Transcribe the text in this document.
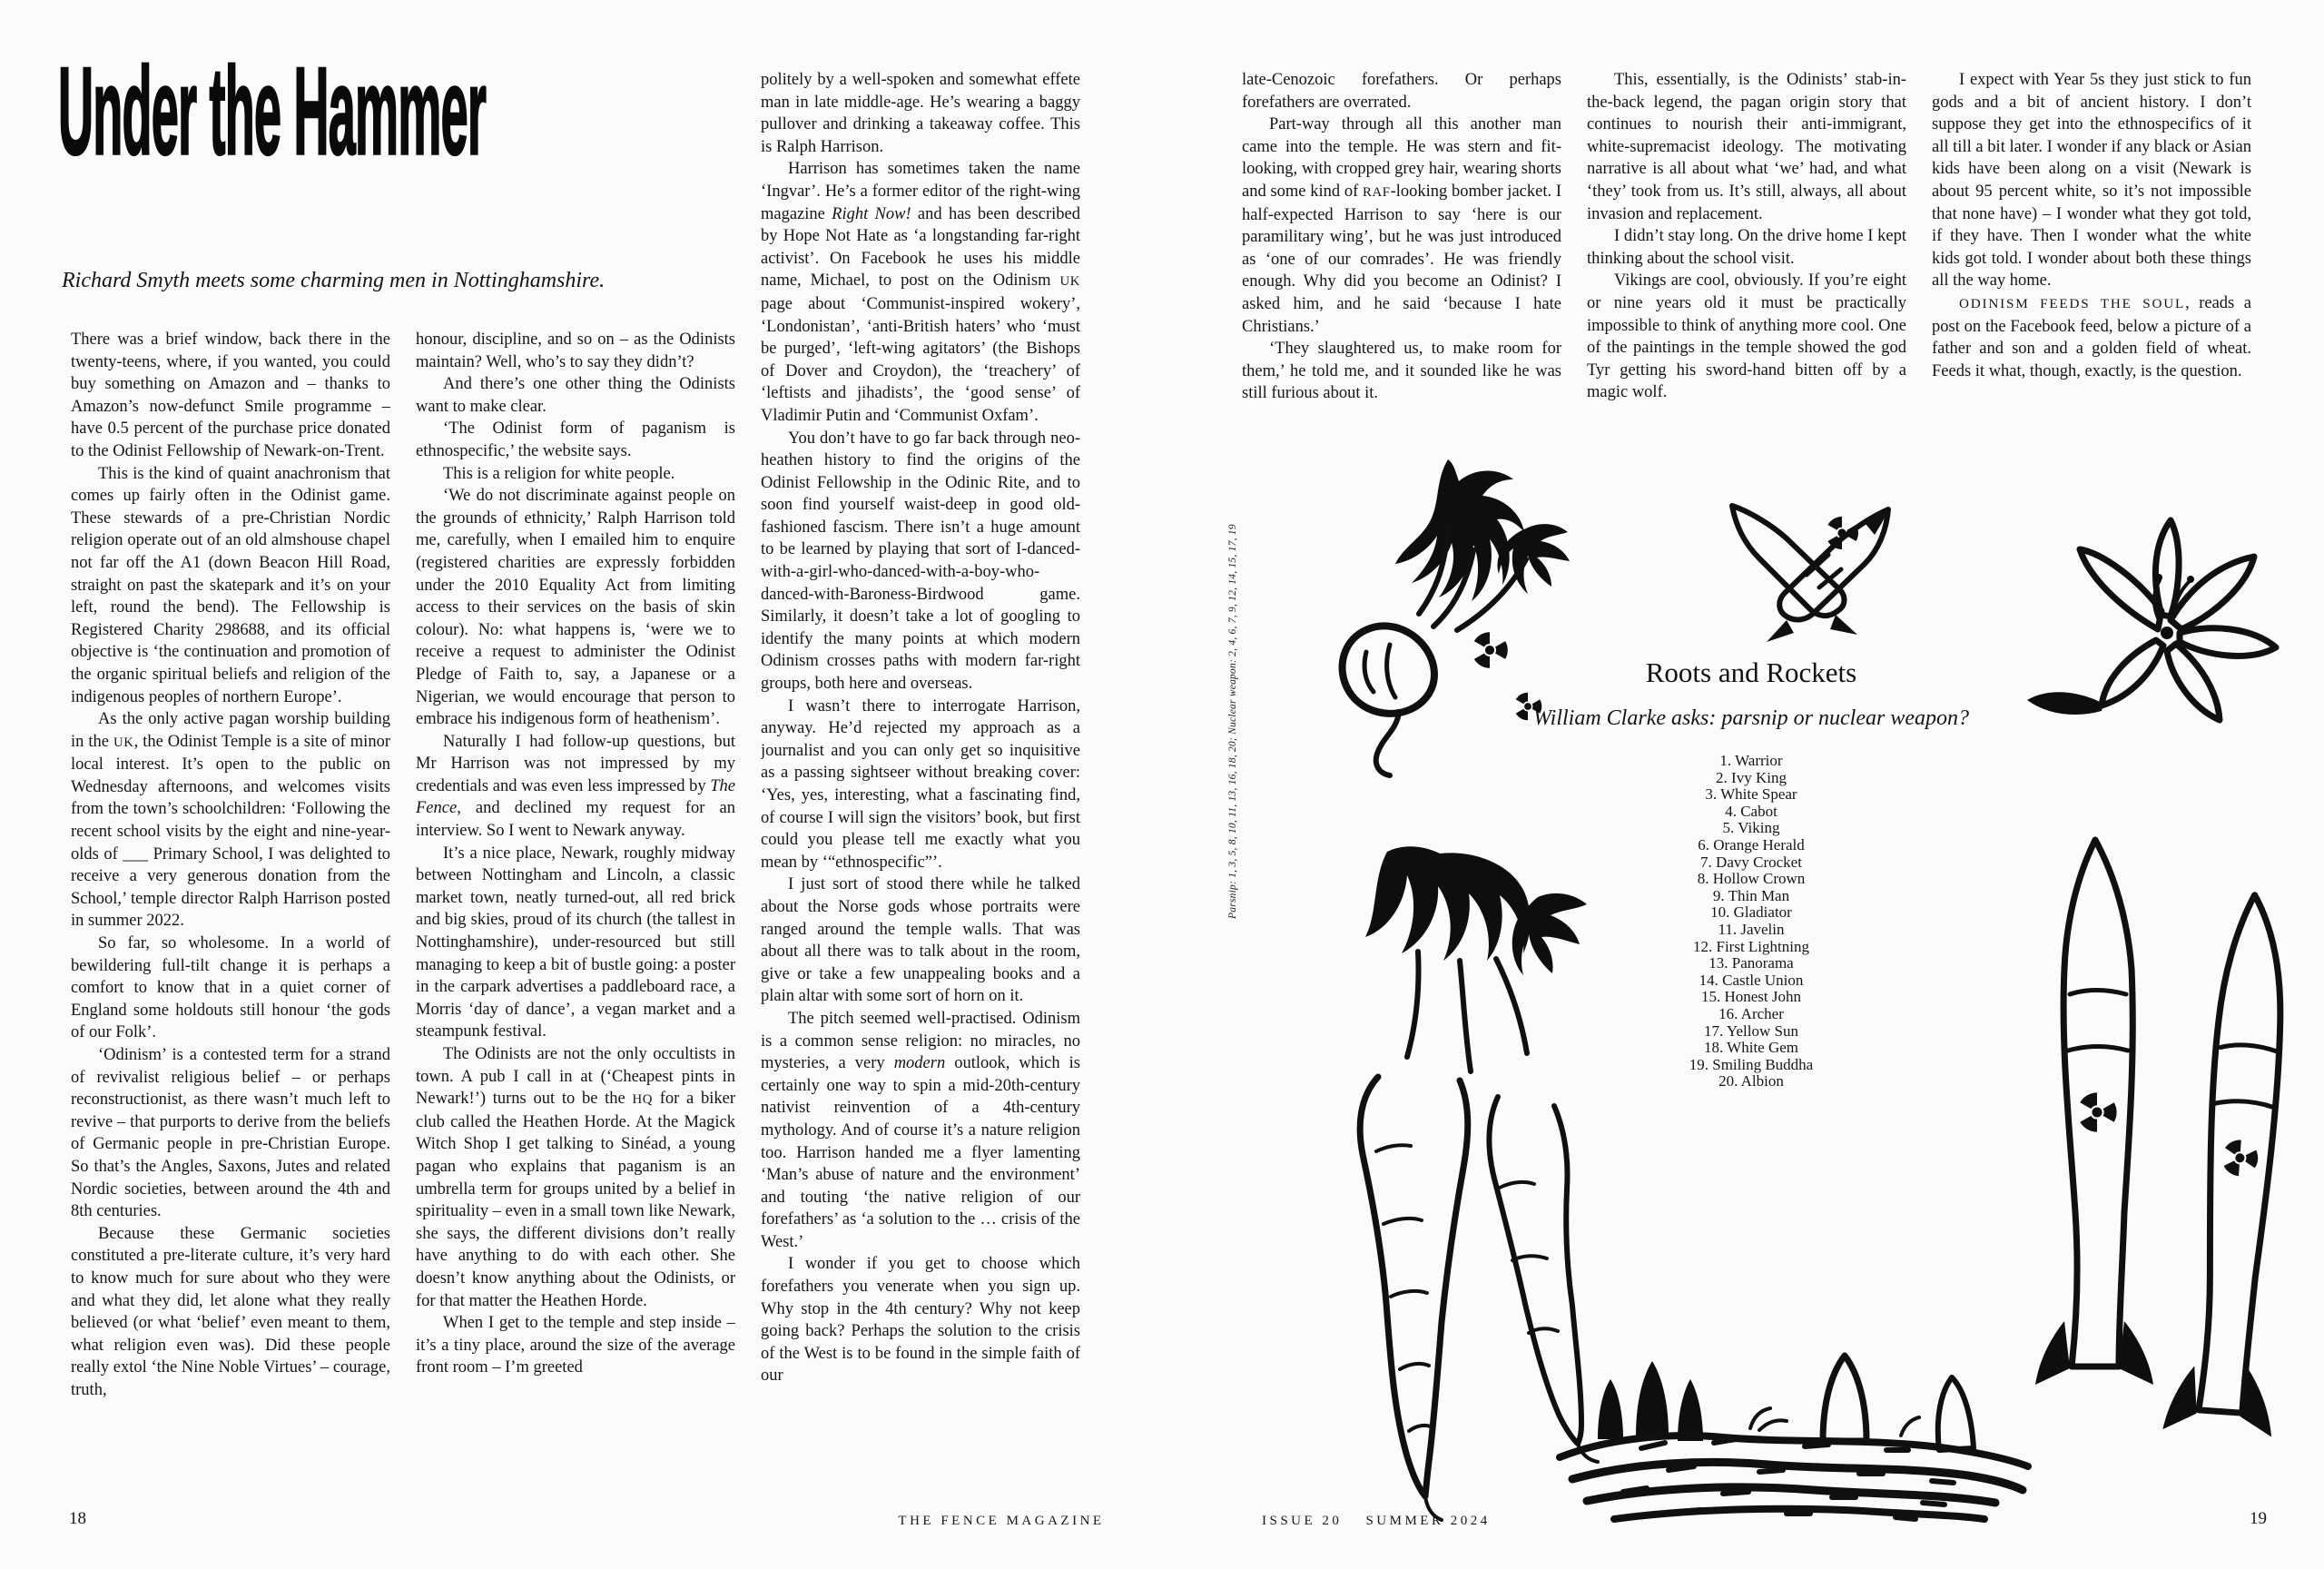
Under the Hammer

Richard Smyth meets some charming men in Nottinghamshire.

There was a brief window, back there in the twenty-teens, where, if you wanted, you could buy something on Amazon and – thanks to Amazon’s now-defunct Smile programme – have 0.5 percent of the purchase price donated to the Odinist Fellowship of Newark-on-Trent.

This is the kind of quaint anachronism that comes up fairly often in the Odinist game. These stewards of a pre-Christian Nordic religion operate out of an old almshouse chapel not far off the A1 (down Beacon Hill Road, straight on past the skatepark and it’s on your left, round the bend). The Fellowship is Registered Charity 298688, and its official objective is ‘the continuation and promotion of the organic spiritual beliefs and religion of the indigenous peoples of northern Europe’.

As the only active pagan worship building in the UK, the Odinist Temple is a site of minor local interest. It’s open to the public on Wednesday afternoons, and welcomes visits from the town’s schoolchildren: ‘Following the recent school visits by the eight and nine-year-olds of ___ Primary School, I was delighted to receive a very generous donation from the School,’ temple director Ralph Harrison posted in summer 2022.

So far, so wholesome. In a world of bewildering full-tilt change it is perhaps a comfort to know that in a quiet corner of England some holdouts still honour ‘the gods of our Folk’.

‘Odinism’ is a contested term for a strand of revivalist religious belief – or perhaps reconstructionist, as there wasn’t much left to revive – that purports to derive from the beliefs of Germanic people in pre-Christian Europe. So that’s the Angles, Saxons, Jutes and related Nordic societies, between around the 4th and 8th centuries.

Because these Germanic societies constituted a pre-literate culture, it’s very hard to know much for sure about who they were and what they did, let alone what they really believed (or what ‘belief’ even meant to them, what religion even was). Did these people really extol ‘the Nine Noble Virtues’ – courage, truth,

honour, discipline, and so on – as the Odinists maintain? Well, who’s to say they didn’t?

And there’s one other thing the Odinists want to make clear.

‘The Odinist form of paganism is ethnospecific,’ the website says.

This is a religion for white people.

‘We do not discriminate against people on the grounds of ethnicity,’ Ralph Harrison told me, carefully, when I emailed him to enquire (registered charities are expressly forbidden under the 2010 Equality Act from limiting access to their services on the basis of skin colour). No: what happens is, ‘were we to receive a request to administer the Odinist Pledge of Faith to, say, a Japanese or a Nigerian, we would encourage that person to embrace his indigenous form of heathenism’.

Naturally I had follow-up questions, but Mr Harrison was not impressed by my credentials and was even less impressed by The Fence, and declined my request for an interview. So I went to Newark anyway.

It’s a nice place, Newark, roughly midway between Nottingham and Lincoln, a classic market town, neatly turned-out, all red brick and big skies, proud of its church (the tallest in Nottinghamshire), under-resourced but still managing to keep a bit of bustle going: a poster in the carpark advertises a paddleboard race, a Morris ‘day of dance’, a vegan market and a steampunk festival.

The Odinists are not the only occultists in town. A pub I call in at (‘Cheapest pints in Newark!’) turns out to be the HQ for a biker club called the Heathen Horde. At the Magick Witch Shop I get talking to Sinéad, a young pagan who explains that paganism is an umbrella term for groups united by a belief in spirituality – even in a small town like Newark, she says, the different divisions don’t really have anything to do with each other. She doesn’t know anything about the Odinists, or for that matter the Heathen Horde.

When I get to the temple and step inside – it’s a tiny place, around the size of the average front room – I’m greeted

politely by a well-spoken and somewhat effete man in late middle-age. He’s wearing a baggy pullover and drinking a takeaway coffee. This is Ralph Harrison.

Harrison has sometimes taken the name ‘Ingvar’. He’s a former editor of the right-wing magazine Right Now! and has been described by Hope Not Hate as ‘a longstanding far-right activist’. On Facebook he uses his middle name, Michael, to post on the Odinism UK page about ‘Communist-inspired wokery’, ‘Londonistan’, ‘anti-British haters’ who ‘must be purged’, ‘left-wing agitators’ (the Bishops of Dover and Croydon), the ‘treachery’ of ‘leftists and jihadists’, the ‘good sense’ of Vladimir Putin and ‘Communist Oxfam’.

You don’t have to go far back through neo-heathen history to find the origins of the Odinist Fellowship in the Odinic Rite, and to soon find yourself waist-deep in good old-fashioned fascism. There isn’t a huge amount to be learned by playing that sort of I-danced-with-a-girl-who-danced-with-a-boy-who-danced-with-Baroness-Birdwood game. Similarly, it doesn’t take a lot of googling to identify the many points at which modern Odinism crosses paths with modern far-right groups, both here and overseas.

I wasn’t there to interrogate Harrison, anyway. He’d rejected my approach as a journalist and you can only get so inquisitive as a passing sightseer without breaking cover: ‘Yes, yes, interesting, what a fascinating find, of course I will sign the visitors’ book, but first could you please tell me exactly what you mean by ‘“ethnospecific”’.

I just sort of stood there while he talked about the Norse gods whose portraits were ranged around the temple walls. That was about all there was to talk about in the room, give or take a few unappealing books and a plain altar with some sort of horn on it.

The pitch seemed well-practised. Odinism is a common sense religion: no miracles, no mysteries, a very modern outlook, which is certainly one way to spin a mid-20th-century nativist reinvention of a 4th-century mythology. And of course it’s a nature religion too. Harrison handed me a flyer lamenting ‘Man’s abuse of nature and the environment’ and touting ‘the native religion of our forefathers’ as ‘a solution to the … crisis of the West.’

I wonder if you get to choose which forefathers you venerate when you sign up. Why stop in the 4th century? Why not keep going back? Perhaps the solution to the crisis of the West is to be found in the simple faith of our

late-Cenozoic forefathers. Or perhaps forefathers are overrated.

Part-way through all this another man came into the temple. He was stern and fit-looking, with cropped grey hair, wearing shorts and some kind of RAF-looking bomber jacket. I half-expected Harrison to say ‘here is our paramilitary wing’, but he was just introduced as ‘one of our comrades’. He was friendly enough. Why did you become an Odinist? I asked him, and he said ‘because I hate Christians.’

‘They slaughtered us, to make room for them,’ he told me, and it sounded like he was still furious about it.

This, essentially, is the Odinists’ stab-in-the-back legend, the pagan origin story that continues to nourish their anti-immigrant, white-supremacist ideology. The motivating narrative is all about what ‘we’ had, and what ‘they’ took from us. It’s still, always, all about invasion and replacement.

I didn’t stay long. On the drive home I kept thinking about the school visit.

Vikings are cool, obviously. If you’re eight or nine years old it must be practically impossible to think of anything more cool. One of the paintings in the temple showed the god Tyr getting his sword-hand bitten off by a magic wolf.

I expect with Year 5s they just stick to fun gods and a bit of ancient history. I don’t suppose they get into the ethnospecifics of it all till a bit later. I wonder if any black or Asian kids have been along on a visit (Newark is about 95 percent white, so it’s not impossible that none have) – I wonder what they got told, if they have. Then I wonder what the white kids got told. I wonder about both these things all the way home.

ODINISM FEEDS THE SOUL, reads a post on the Facebook feed, below a picture of a father and son and a golden field of wheat. Feeds it what, though, exactly, is the question.

Roots and Rockets

William Clarke asks: parsnip or nuclear weapon?

1. Warrior
2. Ivy King
3. White Spear
4. Cabot
5. Viking
6. Orange Herald
7. Davy Crocket
8. Hollow Crown
9. Thin Man
10. Gladiator
11. Javelin
12. First Lightning
13. Panorama
14. Castle Union
15. Honest John
16. Archer
17. Yellow Sun
18. White Gem
19. Smiling Buddha
20. Albion
Parsnip: 1, 3, 5, 8, 10, 11, 13, 16, 18, 20; Nuclear weapon: 2, 4, 6, 7, 9, 12, 14, 15, 17, 19
18	THE FENCE MAGAZINE	ISSUE 20 SUMMER 2024	19
